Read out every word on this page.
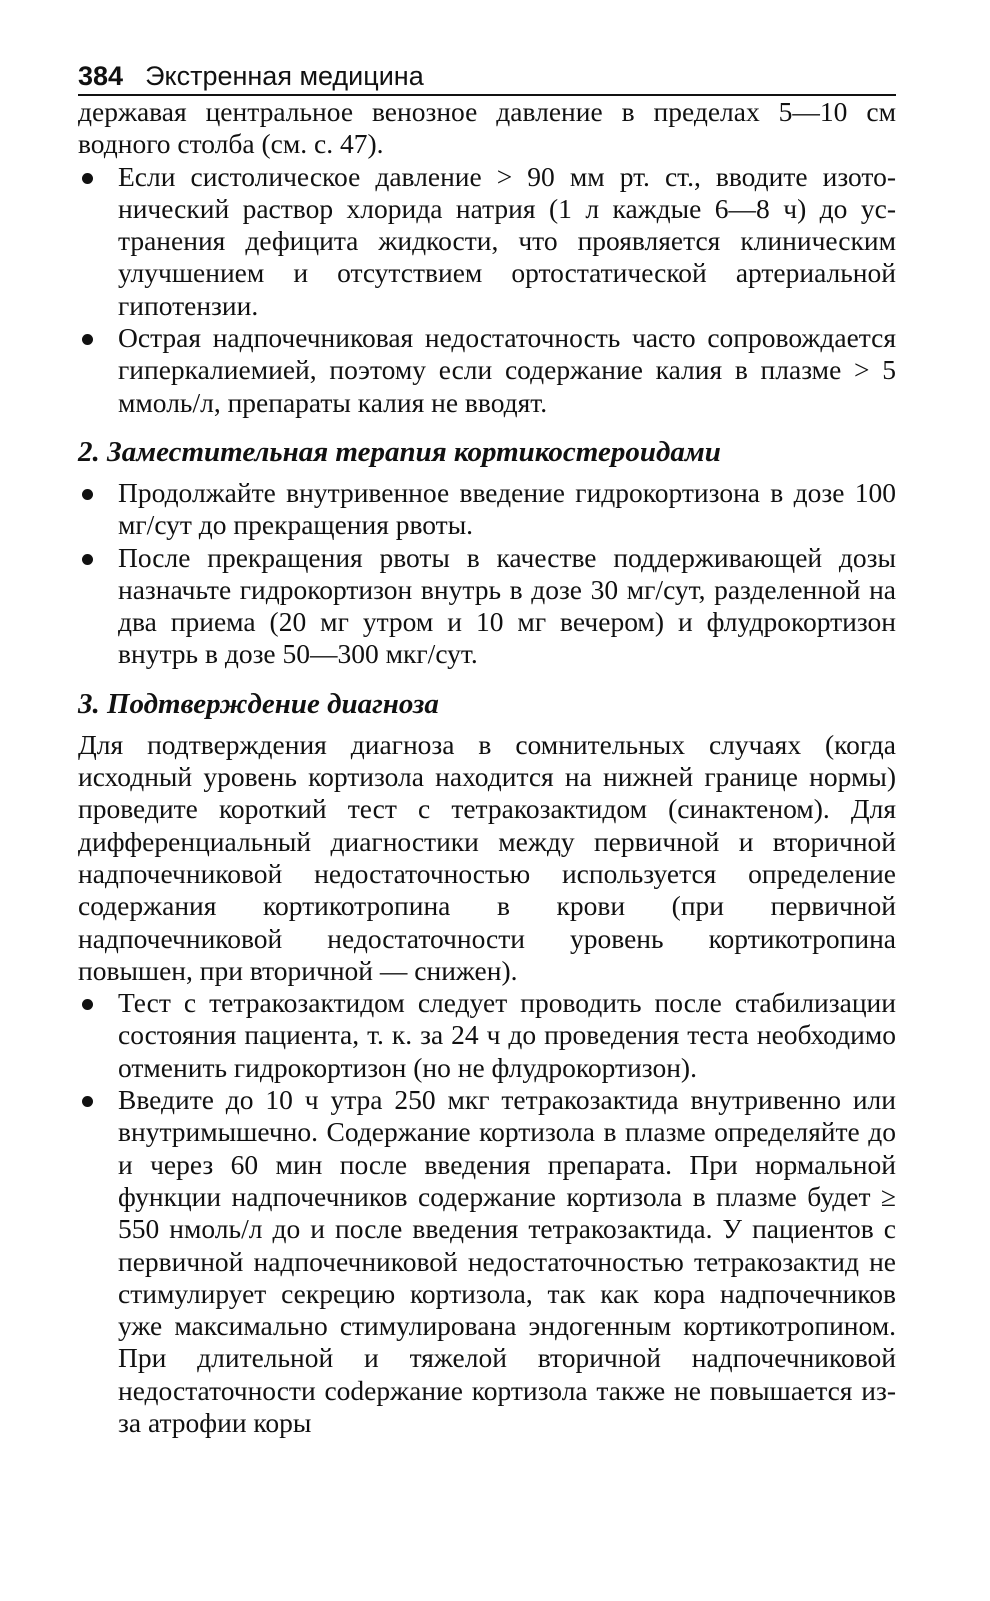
384 Экстренная медицина

державая центральное венозное давление в пределах 5—10 см водного столба (см. с. 47).

Если систолическое давление > 90 мм рт. ст., вводите изотонический раствор хлорида натрия (1 л каждые 6—8 ч) до устранения дефицита жидкости, что проявляется клиническим улучшением и отсутствием ортостатической артериальной гипотензии.
Острая надпочечниковая недостаточность часто сопровождается гиперкалиемией, поэтому если содержание калия в плазме > 5 ммоль/л, препараты калия не вводят.
2. Заместительная терапия кортикостероидами
Продолжайте внутривенное введение гидрокортизона в дозе 100 мг/сут до прекращения рвоты.
После прекращения рвоты в качестве поддерживающей дозы назначьте гидрокортизон внутрь в дозе 30 мг/сут, разделенной на два приема (20 мг утром и 10 мг вечером) и флудрокортизон внутрь в дозе 50—300 мкг/сут.
3. Подтверждение диагноза

Для подтверждения диагноза в сомнительных случаях (когда исходный уровень кортизола находится на нижней границе нормы) проведите короткий тест с тетракозактидом (синактеном). Для дифференциальный диагностики между первичной и вторичной надпочечниковой недостаточностью используется определение содержания кортикотропина в крови (при первичной надпочечниковой недостаточности уровень кортикотропина повышен, при вторичной — снижен).

Тест с тетракозактидом следует проводить после стабилизации состояния пациента, т. к. за 24 ч до проведения теста необходимо отменить гидрокортизон (но не флудрокортизон).
Введите до 10 ч утра 250 мкг тетракозактида внутривенно или внутримышечно. Содержание кортизола в плазме определяйте до и через 60 мин после введения препарата. При нормальной функции надпочечников содержание кортизола в плазме будет ≥ 550 нмоль/л до и после введения тетракозактида. У пациентов с первичной надпочечниковой недостаточностью тетракозактид не стимулирует секрецию кортизола, так как кора надпочечников уже максимально стимулирована эндогенным кортикотропином. При длительной и тяжелой вторичной надпочечниковой недостаточности соdержание кортизола также не повышается из-за атрофии коры
